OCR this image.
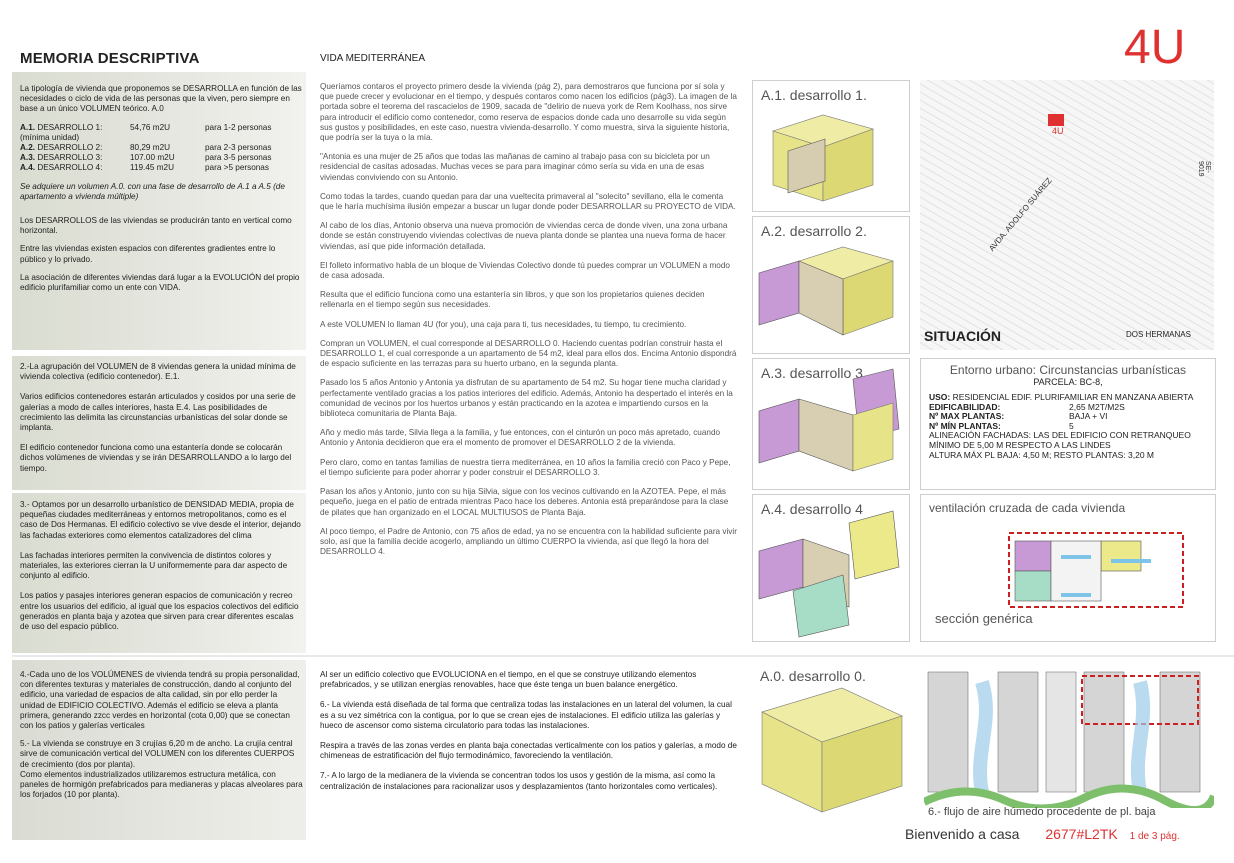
MEMORIA DESCRIPTIVA	VIDA MEDITERRÁNEA	4U
La tipología de vivienda que proponemos se DESARROLLA en función de las necesidades o ciclo de vida de las personas que la viven, pero siempre en base a un único VOLUMEN teórico. A.0
A.1. DESARROLLO 1:	54,76 m2U	para 1-2 personas
(mínima unidad)
A.2. DESARROLLO 2:	80,29 m2U	para 2-3 personas
A.3. DESARROLLO 3:	107.00 m2U	para 3-5 personas
A.4. DESARROLLO 4:	119.45 m2U	para >5 personas
Se adquiere un volumen A.0. con una fase de desarrollo de A.1 a A.5 (de apartamento a vivienda múltiple)
Los DESARROLLOS de las viviendas se producirán tanto en vertical como horizontal.
Entre las viviendas existen espacios con diferentes gradientes entre lo público y lo privado.
La asociación de diferentes viviendas dará lugar a la EVOLUCIÓN del propio edificio plurifamiliar como un ente con VIDA.
2.-La agrupación del VOLUMEN de 8 viviendas genera la unidad mínima de vivienda colectiva (edificio contenedor). E.1.
Varios edificios contenedores estarán articulados y cosidos por una serie de galerías a modo de calles interiores, hasta E.4. Las posibilidades de crecimiento las delimita las circunstancias urbanísticas del solar donde se implanta.
El edificio contenedor funciona como una estantería donde se colocarán dichos volúmenes de viviendas y se irán DESARROLLANDO a lo largo del tiempo.
3.- Optamos por un desarrollo urbanístico de DENSIDAD MEDIA, propia de pequeñas ciudades mediterráneas y entornos metropolitanos, como es el caso de Dos Hermanas. El edificio colectivo se vive desde el interior, dejando las fachadas exteriores como elementos catalizadores del clima
Las fachadas interiores permiten la convivencia de distintos colores y materiales, las exteriores cierran la U uniformemente para dar aspecto de conjunto al edificio.
Los patios y pasajes interiores generan espacios de comunicación y recreo entre los usuarios del edificio, al igual que los espacios colectivos del edificio generados en planta baja y azotea que sirven para crear diferentes escalas de uso del espacio público.
4.-Cada uno de los VOLÚMENES de vivienda tendrá su propia personalidad, con diferentes texturas y materiales de construcción, dando al conjunto del edificio, una variedad de espacios de alta calidad, sin por ello perder la unidad de EDIFICIO COLECTIVO. Además el edificio se eleva a planta primera, generando zzcc verdes en horizontal (cota 0,00) que se conectan con los patios y galerías verticales
5.- La vivienda se construye en 3 crujías 6,20 m de ancho. La crujía central sirve de comunicación vertical del VOLUMEN con los diferentes CUERPOS de crecimiento (dos por planta).
Como elementos industrializados utilizaremos estructura metálica, con paneles de hormigón prefabricados para medianeras y placas alveolares para los forjados (10 por planta).

Queríamos contaros el proyecto primero desde la vivienda (pág 2), para demostraros que funciona por sí sola y que puede crecer y evolucionar en el tiempo, y después contaros como nacen los edificios (pág3). La imagen de la portada sobre el teorema del rascacielos de 1909, sacada de "delirio de nueva york de Rem Koolhass, nos sirve para introducir el edificio como contenedor, como reserva de espacios donde cada uno desarrolle su vida según sus gustos y posibilidades, en este caso, nuestra vivienda-desarrollo. Y como muestra, sirva la siguiente historia, que podría ser la tuya o la mía.

"Antonia es una mujer de 25 años que todas las mañanas de camino al trabajo pasa con su bicicleta por un residencial de casitas adosadas. Muchas veces se para para imaginar cómo sería su vida en una de esas viviendas conviviendo con su Antonio.

Como todas la tardes, cuando quedan para dar una vueltecita primaveral al "solecito" sevillano, ella le comenta que le haría muchísima ilusión empezar a buscar un lugar donde poder DESARROLLAR su PROYECTO de VIDA.

Al cabo de los días, Antonio observa una nueva promoción de viviendas cerca de donde viven, una zona urbana donde se están construyendo viviendas colectivas de nueva planta donde se plantea una nueva forma de hacer viviendas, así que pide información detallada.

El folleto informativo habla de un bloque de Viviendas Colectivo donde tú puedes comprar un VOLUMEN a modo de casa adosada.

Resulta que el edificio funciona como una estantería sin libros, y que son los propietarios quienes deciden rellenarla en el tiempo según sus necesidades.

A este VOLUMEN lo llaman 4U (for you), una caja para ti, tus necesidades, tu tiempo, tu crecimiento.

Compran un VOLUMEN, el cual corresponde al DESARROLLO 0. Haciendo cuentas podrían construir hasta el DESARROLLO 1, el cual corresponde a un apartamento de 54 m2, ideal para ellos dos. Encima Antonio dispondrá de espacio suficiente en las terrazas para su huerto urbano, en la segunda planta.

Pasado los 5 años Antonio y Antonia ya disfrutan de su apartamento de 54 m2. Su hogar tiene mucha claridad y perfectamente ventilado gracias a los patios interiores del edificio. Además, Antonio ha despertado el interés en la comunidad de vecinos por los huertos urbanos y están practicando en la azotea e impartiendo cursos en la biblioteca comunitaria de Planta Baja.

Año y medio más tarde, Silvia llega a la familia, y fue entonces, con el cinturón un poco más apretado, cuando Antonio y Antonia decidieron que era el momento de promover el DESARROLLO 2 de la vivienda.

Pero claro, como en tantas familias de nuestra tierra mediterránea, en 10 años la familia creció con Paco y Pepe, el tiempo suficiente para poder ahorrar y poder construir el DESARROLLO 3.

Pasan los años y Antonio, junto con su hija Silvia, sigue con los vecinos cultivando en la AZOTEA. Pepe, el más pequeño, juega en el patio de entrada mientras Paco hace los deberes. Antonia está preparándose para la clase de pilates que han organizado en el LOCAL MULTIUSOS de Planta Baja.

Al poco tiempo, el Padre de Antonio, con 75 años de edad, ya no se encuentra con la habilidad suficiente para vivir solo, así que la familia decide acogerlo, ampliando un último CUERPO la vivienda, así que llegó la hora del DESARROLLO 4.

Al ser un edificio colectivo que EVOLUCIONA en el tiempo, en el que se construye utilizando elementos prefabricados, y se utilizan energías renovables, hace que éste tenga un buen balance energético.
6.- La vivienda está diseñada de tal forma que centraliza todas las instalaciones en un lateral del volumen, la cual es a su vez simétrica con la contigua, por lo que se crean ejes de instalaciones. El edificio utiliza las galerías y hueco de ascensor como sistema circulatorio para todas las instalaciones.
Respira a través de las zonas verdes en planta baja conectadas verticalmente con los patios y galerías, a modo de chimeneas de estratificación del flujo termodinámico, favoreciendo la ventilación.
7.- A lo largo de la medianera de la vivienda se concentran todos los usos y gestión de la misma, así como la centralización de instalaciones para racionalizar usos y desplazamientos (tanto horizontales como verticales).
A.1. desarrollo 1.
A.2. desarrollo 2.
A.3. desarrollo 3.
A.4. desarrollo 4
A.0. desarrollo 0.
4U
AVDA. ADOLFO SUÁREZ
SE-9019
SITUACIÓN	DOS HERMANAS
Entorno urbano: Circunstancias urbanísticas
PARCELA: BC-8,
USO: RESIDENCIAL EDIF. PLURIFAMILIAR EN MANZANA ABIERTA
EDIFICABILIDAD:	2,65 M2T/M2S
Nº MAX PLANTAS:	BAJA + VI
Nº MÍN PLANTAS:	5
ALINEACIÓN FACHADAS: LAS DEL EDIFICIO CON RETRANQUEO MÍNIMO DE 5,00 M RESPECTO A LAS LINDES
ALTURA MÁX PL BAJA: 4,50 M; RESTO PLANTAS: 3,20 M
ventilación cruzada de cada vivienda
sección genérica
6.- flujo de aire húmedo procedente de pl. baja
Bienvenido a casa 2677#L2TK 1 de 3 pág.
